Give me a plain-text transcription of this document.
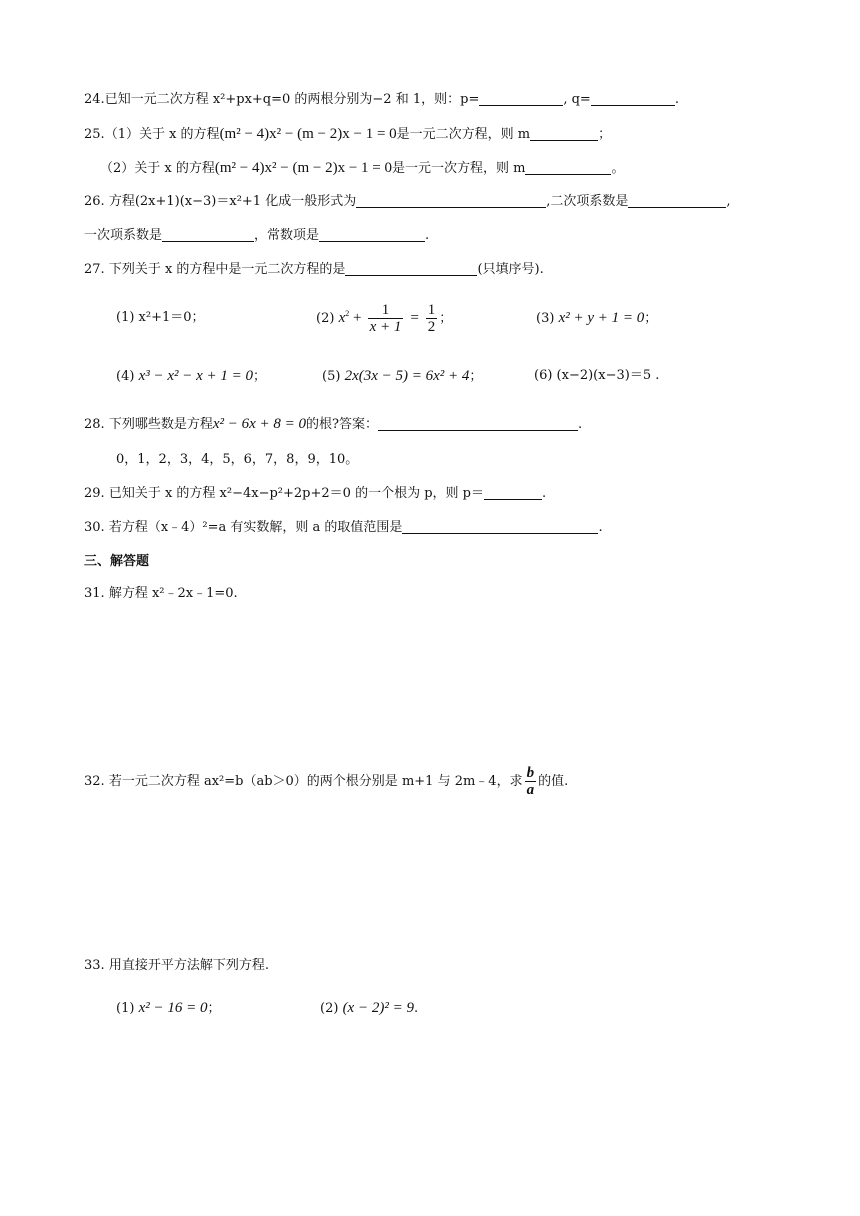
24.已知一元二次方程 x²+px+q=0 的两根分别为−2 和 1，则：p=	, q=	.
25.（1）关于 x 的方程(m² − 4)x² − (m − 2)x − 1 = 0是一元二次方程，则 m	；
（2）关于 x 的方程(m² − 4)x² − (m − 2)x − 1 = 0是一元一次方程，则 m	。
26. 方程(2x+1)(x−3)＝x²+1 化成一般形式为	,二次项系数是	,
一次项系数是	，常数项是	.
27. 下列关于 x 的方程中是一元二次方程的是	(只填序号).
(1) x²+1＝0；	(2) $x^2 + \frac{1}{x + 1} = \frac{1}{2}$ ；	(3) x² + y + 1 = 0；
(4) x³ − x² − x + 1 = 0；	(5) 2x(3x − 5) = 6x² + 4；	(6) (x−2)(x−3)＝5 .
28. 下列哪些数是方程x² − 6x + 8 = 0的根?答案：	.
0，1，2，3，4，5，6，7，8，9，10。
29. 已知关于 x 的方程 x²−4x−p²+2p+2＝0 的一个根为 p，则 p＝	.
30. 若方程（x﹣4）²=a 有实数解，则 a 的取值范围是	.
三、解答题
31. 解方程 x²﹣2x﹣1=0.
32. 若一元二次方程 ax²=b（ab＞0）的两个根分别是 m+1 与 2m﹣4，求 $\frac{b}{a}$ 的值.
33. 用直接开平方法解下列方程.
(1) x² − 16 = 0；	(2) (x − 2)² = 9.
